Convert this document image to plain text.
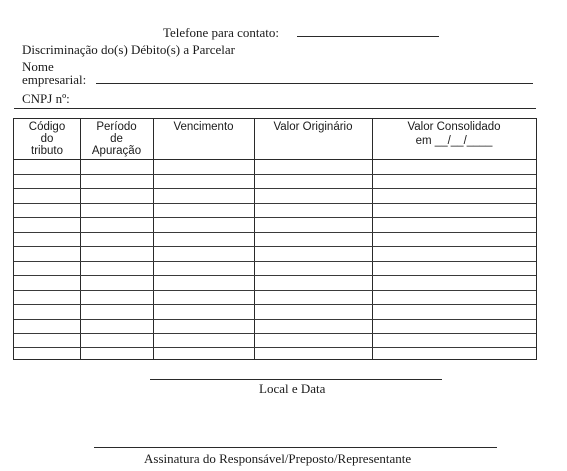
Telefone para contato:
Discriminação do(s) Débito(s) a Parcelar
Nome
empresarial:
CNPJ nº:
Código
do
tributo
Período
de
Apuração
Vencimento	Valor Originário	Valor Consolidado
em __/__/____
Local e Data
Assinatura do Responsável/Preposto/Representante
